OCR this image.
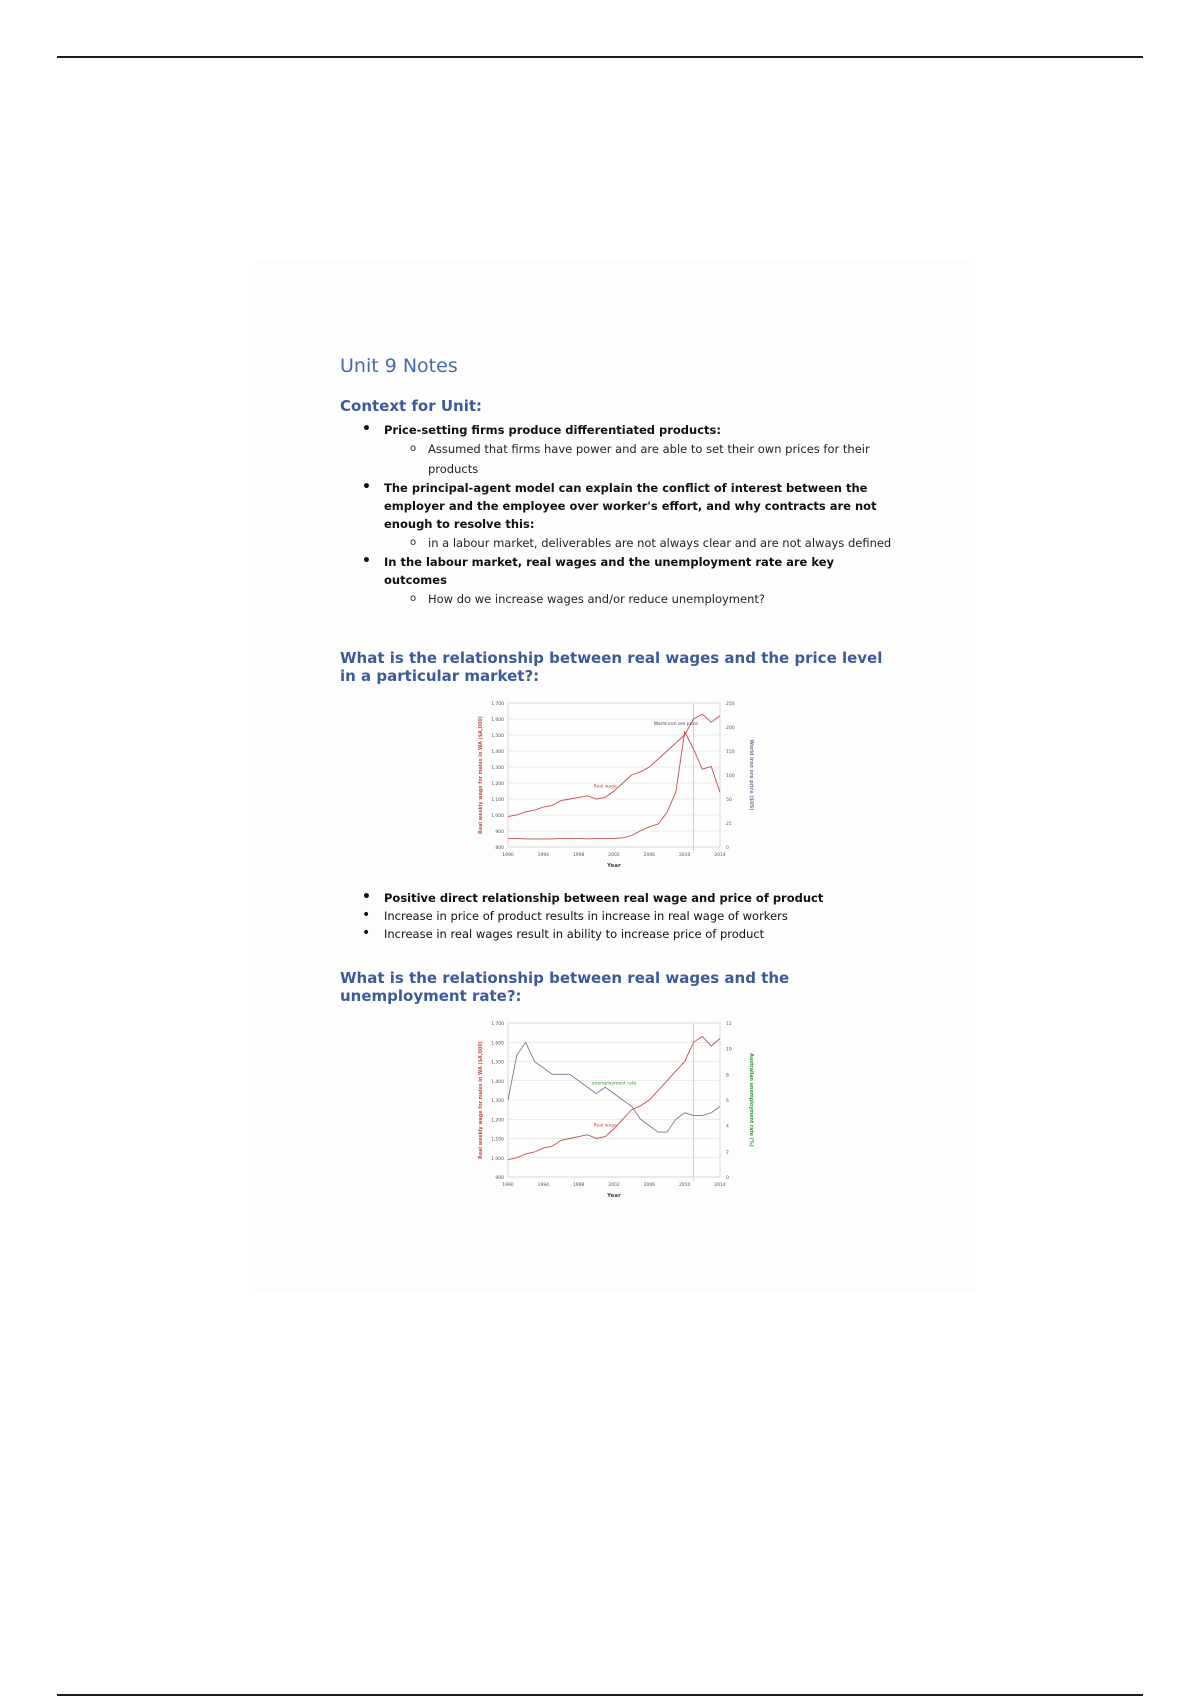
Unit 9 Notes
Context for Unit:
• Price-setting firms produce differentiated products:
o Assumed that firms have power and are able to set their own prices for their products
• The principal-agent model can explain the conflict of interest between the employer and the employee over worker's effort, and why contracts are not enough to resolve this:
o in a labour market, deliverables are not always clear and are not always defined
• In the labour market, real wages and the unemployment rate are key outcomes
o How do we increase wages and/or reduce unemployment?
What is the relationship between real wages and the price level in a particular market?:
800
900
1,000
1,100
1,200
1,300
1,400
1,500
1,600
1,700
0
25
50
100
150
200
250
1990	1994	1998	2002	2006	2010	2014
Year
Real weekly wage for males in WA ($A,000)	World iron ore price ($US)
Real wage
World iron ore price
• Positive direct relationship between real wage and price of product
• Increase in price of product results in increase in real wage of workers
• Increase in real wages result in ability to increase price of product
What is the relationship between real wages and the unemployment rate?:
900
1,000
1,100
1,200
1,300
1,400
1,500
1,600
1,700
0
2
4
6
8
10
12
1990	1994	1998	2002	2006	2010	2014
Year
Real weekly wage for males in WA ($A,000)	Australian unemployment rate (%)
Real wage
unemployment rate
